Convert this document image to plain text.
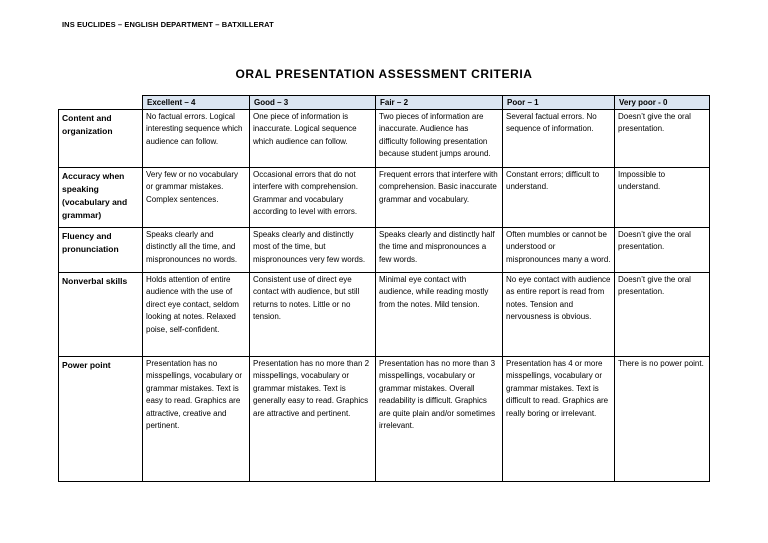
INS EUCLIDES – ENGLISH DEPARTMENT – BATXILLERAT
ORAL PRESENTATION ASSESSMENT CRITERIA
	Excellent – 4	Good – 3	Fair – 2	Poor – 1	Very poor - 0
Content and organization	No factual errors. Logical interesting sequence which audience can follow.	One piece of information is inaccurate. Logical sequence which audience can follow.	Two pieces of information are inaccurate. Audience has difficulty following presentation because student jumps around.	Several factual errors. No sequence of information.	Doesn’t give the oral presentation.
Accuracy when speaking (vocabulary and grammar)	Very few or no vocabulary or grammar mistakes. Complex sentences.	Occasional errors that do not interfere with comprehension. Grammar and vocabulary according to level with errors.	Frequent errors that interfere with comprehension. Basic inaccurate grammar and vocabulary.	Constant errors; difficult to understand.	Impossible to understand.
Fluency and pronunciation	Speaks clearly and distinctly all the time, and mispronounces no words.	Speaks clearly and distinctly most of the time, but mispronounces very few words.	Speaks clearly and distinctly half the time and mispronounces a few words.	Often mumbles or cannot be understood or mispronounces many a word.	Doesn’t give the oral presentation.
Nonverbal skills	Holds attention of entire audience with the use of direct eye contact, seldom looking at notes. Relaxed poise, self-confident.	Consistent use of direct eye contact with audience, but still returns to notes. Little or no tension.	Minimal eye contact with audience, while reading mostly from the notes. Mild tension.	No eye contact with audience as entire report is read from notes. Tension and nervousness is obvious.	Doesn’t give the oral presentation.
Power point	Presentation has no misspellings, vocabulary or grammar mistakes. Text is easy to read. Graphics are attractive, creative and pertinent.	Presentation has no more than 2 misspellings, vocabulary or grammar mistakes. Text is generally easy to read. Graphics are attractive and pertinent.	Presentation has no more than 3 misspellings, vocabulary or grammar mistakes. Overall readability is difficult. Graphics are quite plain and/or sometimes irrelevant.	Presentation has 4 or more misspellings, vocabulary or grammar mistakes. Text is difficult to read. Graphics are really boring or irrelevant.	There is no power point.
